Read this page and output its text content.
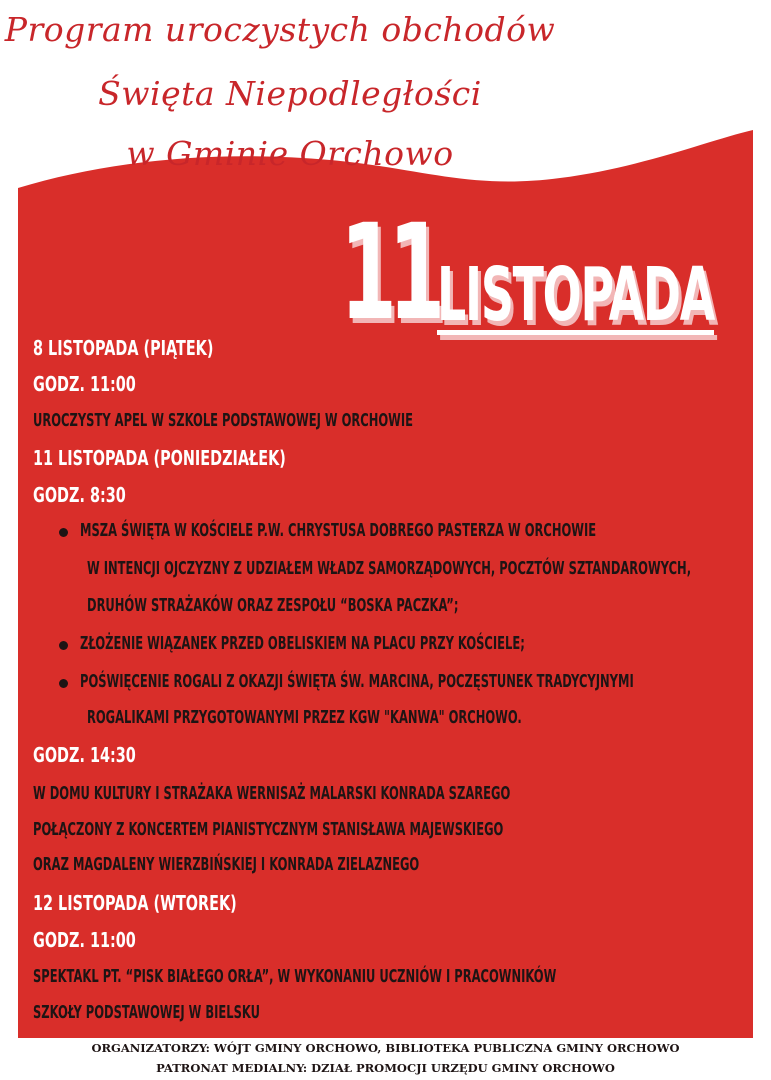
Program uroczystych obchodów
Święta Niepodległości
w Gminie Orchowo
11 LISTOPADA
8 LISTOPADA (PIĄTEK)
GODZ. 11:00
UROCZYSTY APEL W SZKOLE PODSTAWOWEJ W ORCHOWIE
11 LISTOPADA (PONIEDZIAŁEK)
GODZ. 8:30
MSZA ŚWIĘTA W KOŚCIELE P.W. CHRYSTUSA DOBREGO PASTERZA W ORCHOWIE
W INTENCJI OJCZYZNY Z UDZIAŁEM WŁADZ SAMORZĄDOWYCH, POCZTÓW SZTANDAROWYCH,
DRUHÓW STRAŻAKÓW ORAZ ZESPOŁU “BOSKA PACZKA”;
ZŁOŻENIE WIĄZANEK PRZED OBELISKIEM NA PLACU PRZY KOŚCIELE;
POŚWIĘCENIE ROGALI Z OKAZJI ŚWIĘTA ŚW. MARCINA, POCZĘSTUNEK TRADYCYJNYMI
ROGALIKAMI PRZYGOTOWANYMI PRZEZ KGW "KANWA" ORCHOWO.
GODZ. 14:30
W DOMU KULTURY I STRAŻAKA WERNISAŻ MALARSKI KONRADA SZAREGO
POŁĄCZONY Z KONCERTEM PIANISTYCZNYM STANISŁAWA MAJEWSKIEGO
ORAZ MAGDALENY WIERZBIŃSKIEJ I KONRADA ZIELAZNEGO
12 LISTOPADA (WTOREK)
GODZ. 11:00
SPEKTAKL PT. “PISK BIAŁEGO ORŁA”, W WYKONANIU UCZNIÓW I PRACOWNIKÓW
SZKOŁY PODSTAWOWEJ W BIELSKU
ORGANIZATORZY: WÓJT GMINY ORCHOWO, BIBLIOTEKA PUBLICZNA GMINY ORCHOWO
PATRONAT MEDIALNY: DZIAŁ PROMOCJI URZĘDU GMINY ORCHOWO
